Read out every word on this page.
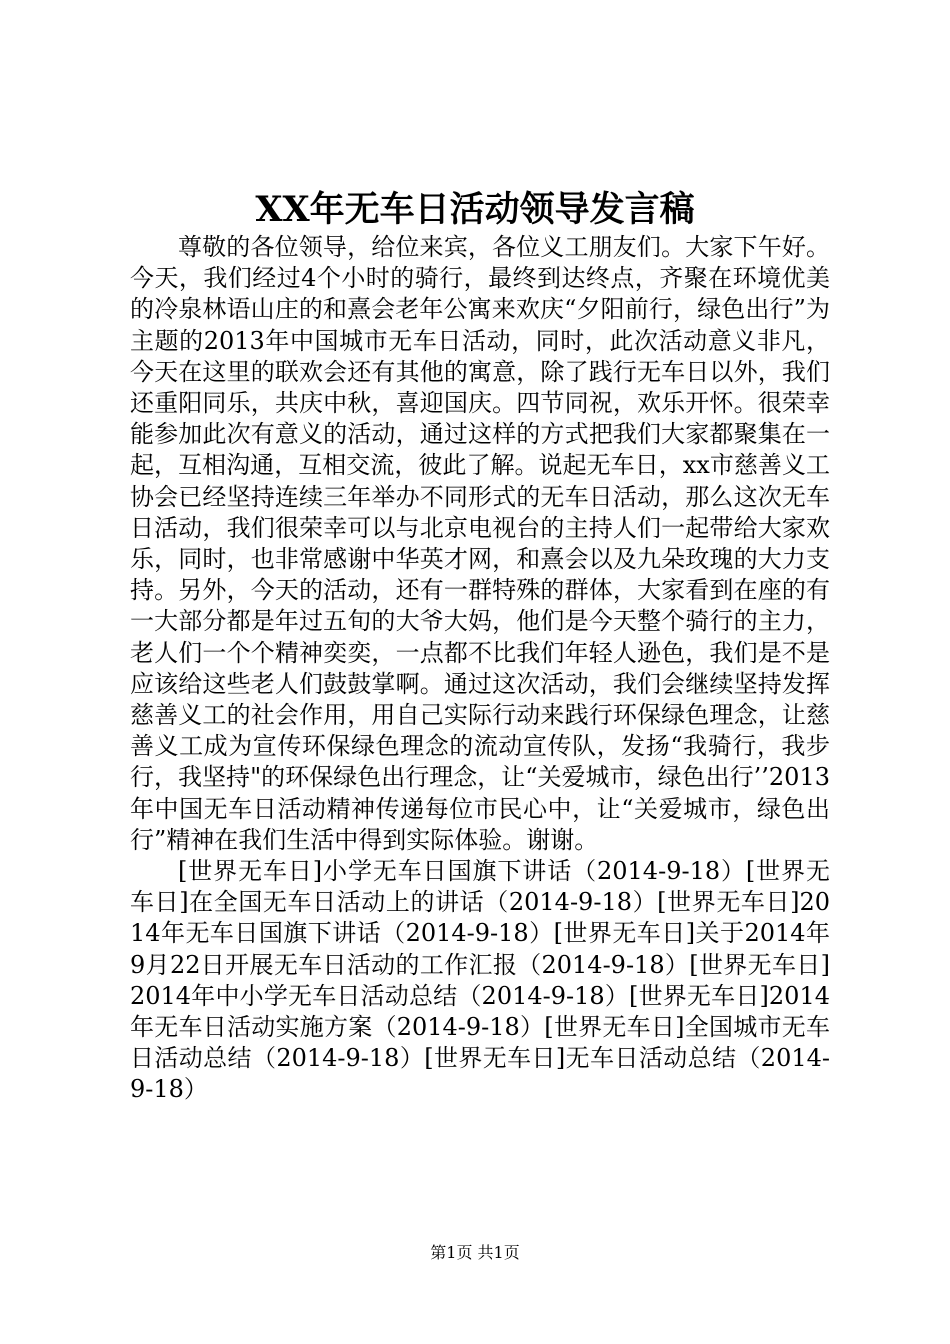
XX年无车日活动领导发言稿

尊敬的各位领导，给位来宾，各位义工朋友们。大家下午好。今天，我们经过4个小时的骑行，最终到达终点，齐聚在环境优美的冷泉林语山庄的和熹会老年公寓来欢庆“夕阳前行，绿色出行”为主题的2013年中国城市无车日活动，同时，此次活动意义非凡，今天在这里的联欢会还有其他的寓意，除了践行无车日以外，我们还重阳同乐，共庆中秋，喜迎国庆。四节同祝，欢乐开怀。很荣幸能参加此次有意义的活动，通过这样的方式把我们大家都聚集在一起，互相沟通，互相交流，彼此了解。说起无车日，xx市慈善义工协会已经坚持连续三年举办不同形式的无车日活动，那么这次无车日活动，我们很荣幸可以与北京电视台的主持人们一起带给大家欢乐，同时，也非常感谢中华英才网，和熹会以及九朵玫瑰的大力支持。另外，今天的活动，还有一群特殊的群体，大家看到在座的有一大部分都是年过五旬的大爷大妈，他们是今天整个骑行的主力，老人们一个个精神奕奕，一点都不比我们年轻人逊色，我们是不是应该给这些老人们鼓鼓掌啊。通过这次活动，我们会继续坚持发挥慈善义工的社会作用，用自己实际行动来践行环保绿色理念，让慈善义工成为宣传环保绿色理念的流动宣传队，发扬“我骑行，我步行，我坚持"的环保绿色出行理念，让“关爱城市，绿色出行’’2013年中国无车日活动精神传递每位市民心中，让“关爱城市，绿色出行”精神在我们生活中得到实际体验。谢谢。

[世界无车日]小学无车日国旗下讲话（2014-9-18）[世界无车日]在全国无车日活动上的讲话（2014-9-18）[世界无车日]2014年无车日国旗下讲话（2014-9-18）[世界无车日]关于2014年9月22日开展无车日活动的工作汇报（2014-9-18）[世界无车日]2014年中小学无车日活动总结（2014-9-18）[世界无车日]2014年无车日活动实施方案（2014-9-18）[世界无车日]全国城市无车日活动总结（2014-9-18）[世界无车日]无车日活动总结（2014-9-18）

第1页 共1页
